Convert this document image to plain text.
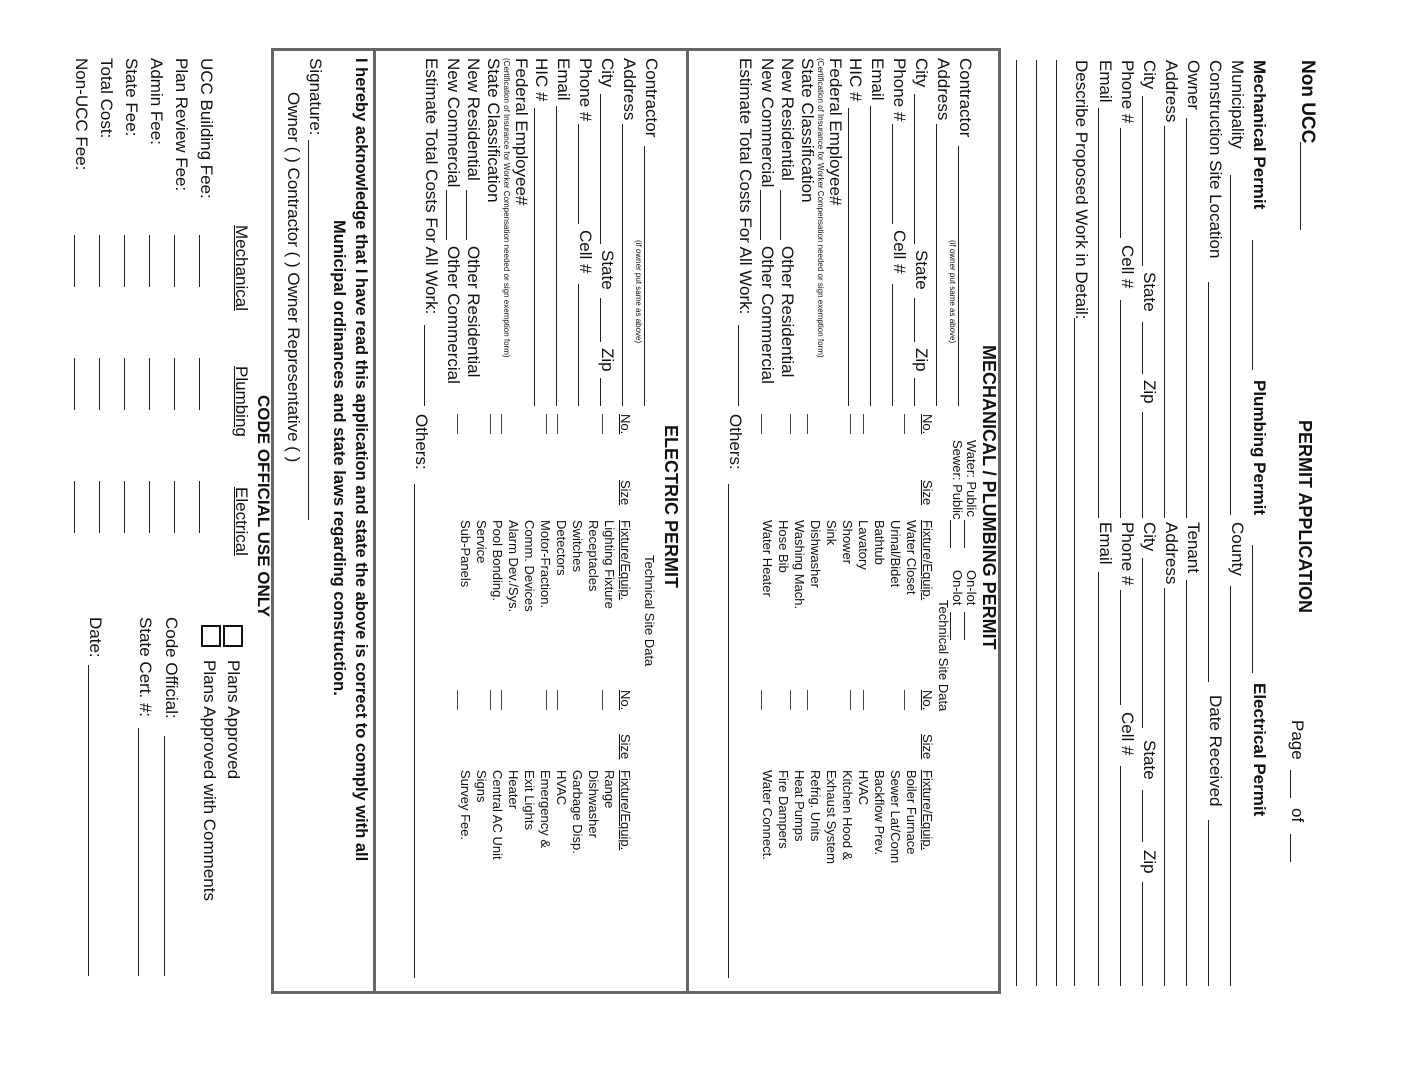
Non UCC
PERMIT APPLICATION
Page
of
Mechanical Permit
Plumbing Permit
Electrical Permit
Municipality
County
Construction Site Location
Date Received
Owner
Tenant
Address
Address
City
State
Zip
City
State
Zip
Phone #
Cell #
Phone #
Cell #
Email
Email
Describe Proposed Work in Detail:
MECHANICAL / PLUMBING PERMIT
Contractor
(if owner put same as above)
Address
City
State
Zip
Phone #
Cell #
Email
HIC #
Federal Employee#
(Certification of Insurance for Worker Compensation needed or sign exemption form)
State Classification
New Residential
Other Residential
New Commercial
Other Commercial
Estimate Total Costs For All Work:
Water: Public
On-lot
Sewer: Public
On-lot
Technical Site Data
No.
Size
Fixture/Equip.
No.
Size
Fixture/Equip.
Water Closet
Urinal/Bidet
Bathtub
Lavatory
Shower
Sink
Dishwasher
Washing Mach.
Hose Bib
Water Heater
Boiler Furnace
Sewer Lat/Conn
Backflow Prev.
HVAC
Kitchen Hood &
Exhaust System
Refrig. Units
Heat Pumps
Fire Dampers
Water Connect.
Others:
ELECTRIC PERMIT
Contractor
(if owner put same as above)
Address
City
State
Zip
Phone #
Cell #
Email
HIC #
Federal Employee#
(Certification of Insurance for Worker Compensation needed or sign exemption form)
State Classification
New Residential
Other Residential
New Commercial
Other Commercial
Estimate Total Costs For All Work:
Technical Site Data
No.
Size
Fixture/Equip.
No.
Size
Fixture/Equip.
Lighting Fixture
Receptacles
Switches
Detectors
Motor-Fraction.
Comm. Devices
Alarm Dev./Sys.
Pool Bonding.
Service
Sub-Panels
Range
Dishwasher
Garbage Disp.
HVAC
Emergency &
Exit Lights
Heater
Central AC Unit
Signs
Survey Fee.
Others:
I hereby acknowledge that I have read this application and state the above is correct to comply with all
Municipal ordinances and state laws regarding construction.
Signature:
Owner ( ) Contractor ( ) Owner Representative ( )
CODE OFFICIAL USE ONLY
Mechanical
Plumbing
Electrical
Plans Approved
Plans Approved with Comments
UCC Building Fee:
Plan Review Fee:
Admin Fee:
State Fee:
Total Cost:
Non-UCC Fee:
Code Official:
State Cert. #:
Date:
